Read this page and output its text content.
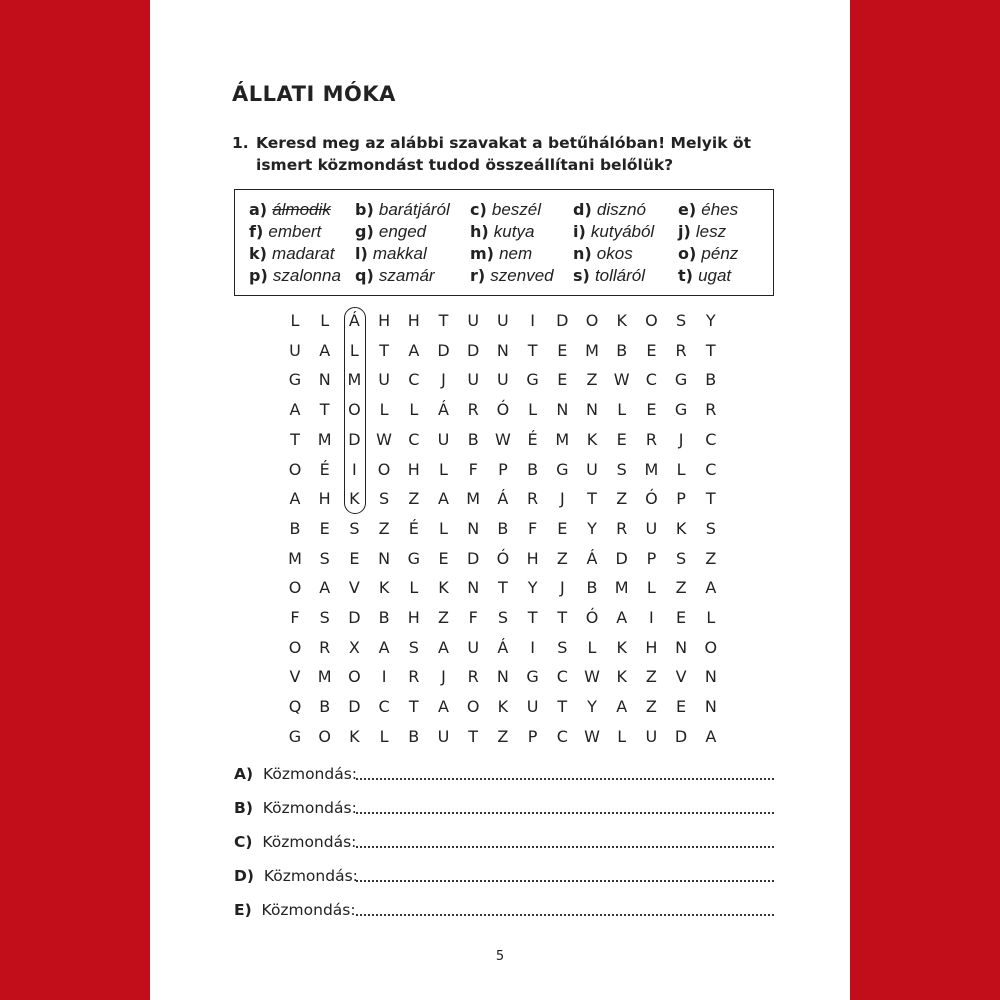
ÁLLATI MÓKA
1. Keresd meg az alábbi szavakat a betűhálóban! Melyik öt ismert közmondást tudod összeállítani belőlük?
a) álmodik b) barátjáról c) beszél d) disznó e) éhes
f) embert g) enged	h) kutya i) kutyából j) lesz
k) madarat l) makkal	m) nem	n) okos	o) pénz
p) szalonna q) szamár r) szenved s) tolláról t) ugat
L	L	Á	H	H	T	U	U	I	D	O	K	O	S	Y
U	A	L	T	A	D	D	N	T	E	M	B	E	R	T
G	N	M	U	C	J	U	U	G	E	Z	W	C	G	B
A	T	O	L	L	Á	R	Ó	L	N	N	L	E	G	R
T	M	D W	C	U	B	W	É	M	K	E	R	J	C
O	É	I	O	H	L	F	P	B	G	U	S	M	L	C
A	H	K	S	Z	A	M	Á	R	J	T	Z	Ó	P	T
B	E	S	Z	É	L	N	B	F	E	Y	R	U	K	S
M	S	E	N	G	E	D	Ó	H	Z	Á	D	P	S	Z
O	A	V	K	L	K	N	T	Y	J	B	M	L	Z	A
F	S	D	B	H	Z	F	S	T	T	Ó	A	I	E	L
O	R	X	A	S	A	U	Á	I	S	L	K	H	N	O
V	M	O	I	R	J	R	N	G	C	W	K	Z	V	N
Q	B	D	C	T	A	O	K	U	T	Y	A	Z	E	N
G	O	K	L	B	U	T	Z	P	C	W	L	U	D	A
5
A) Közmondás:
B) Közmondás:
C) Közmondás:
D) Közmondás:
E) Közmondás:
